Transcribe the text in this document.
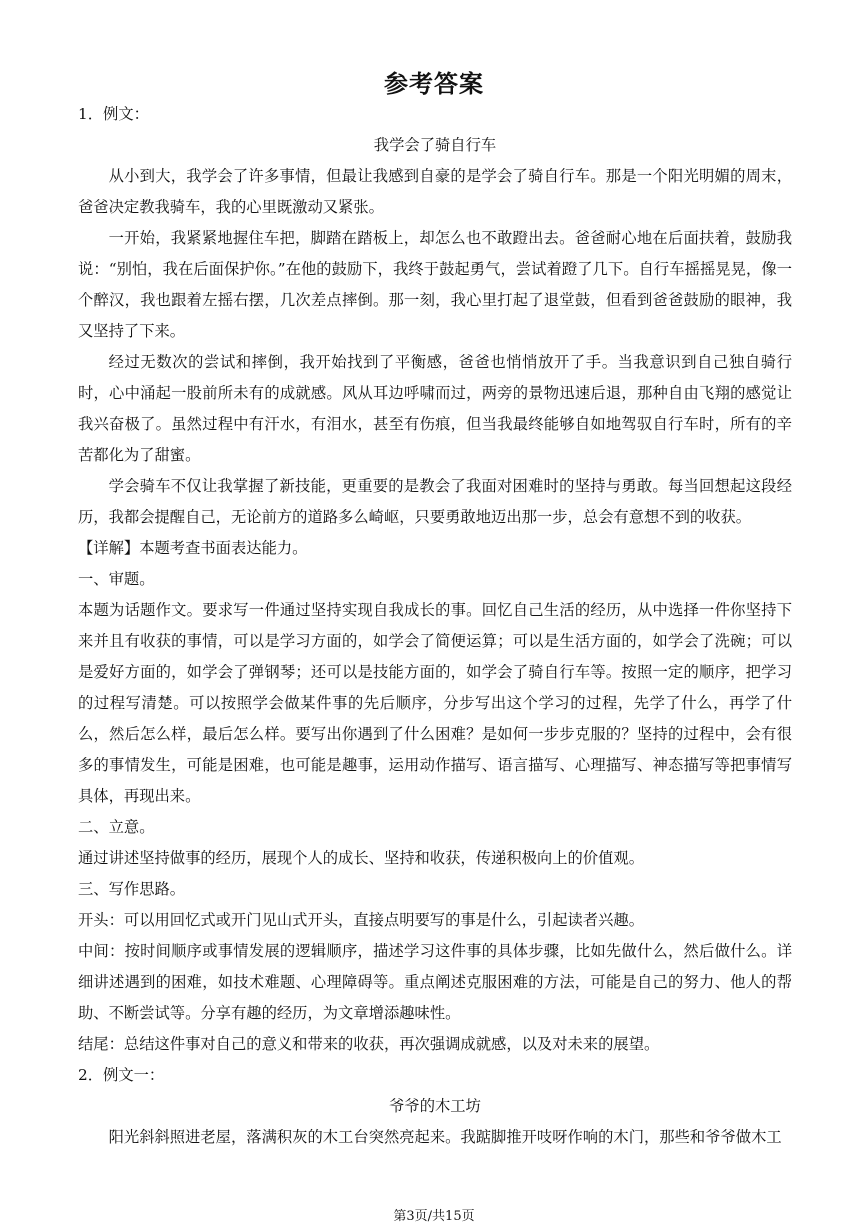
参考答案

1．例文：

我学会了骑自行车

从小到大，我学会了许多事情，但最让我感到自豪的是学会了骑自行车。那是一个阳光明媚的周末，爸爸决定教我骑车，我的心里既激动又紧张。

一开始，我紧紧地握住车把，脚踏在踏板上，却怎么也不敢蹬出去。爸爸耐心地在后面扶着，鼓励我说：“别怕，我在后面保护你。”在他的鼓励下，我终于鼓起勇气，尝试着蹬了几下。自行车摇摇晃晃，像一个醉汉，我也跟着左摇右摆，几次差点摔倒。那一刻，我心里打起了退堂鼓，但看到爸爸鼓励的眼神，我又坚持了下来。

经过无数次的尝试和摔倒，我开始找到了平衡感，爸爸也悄悄放开了手。当我意识到自己独自骑行时，心中涌起一股前所未有的成就感。风从耳边呼啸而过，两旁的景物迅速后退，那种自由飞翔的感觉让我兴奋极了。虽然过程中有汗水，有泪水，甚至有伤痕，但当我最终能够自如地驾驭自行车时，所有的辛苦都化为了甜蜜。

学会骑车不仅让我掌握了新技能，更重要的是教会了我面对困难时的坚持与勇敢。每当回想起这段经历，我都会提醒自己，无论前方的道路多么崎岖，只要勇敢地迈出那一步，总会有意想不到的收获。

【详解】本题考查书面表达能力。

一、审题。

本题为话题作文。要求写一件通过坚持实现自我成长的事。回忆自己生活的经历，从中选择一件你坚持下来并且有收获的事情，可以是学习方面的，如学会了简便运算；可以是生活方面的，如学会了洗碗；可以是爱好方面的，如学会了弹钢琴；还可以是技能方面的，如学会了骑自行车等。按照一定的顺序，把学习的过程写清楚。可以按照学会做某件事的先后顺序，分步写出这个学习的过程，先学了什么，再学了什么，然后怎么样，最后怎么样。要写出你遇到了什么困难？是如何一步步克服的？坚持的过程中，会有很多的事情发生，可能是困难，也可能是趣事，运用动作描写、语言描写、心理描写、神态描写等把事情写具体，再现出来。

二、立意。

通过讲述坚持做事的经历，展现个人的成长、坚持和收获，传递积极向上的价值观。

三、写作思路。

开头：可以用回忆式或开门见山式开头，直接点明要写的事是什么，引起读者兴趣。

中间：按时间顺序或事情发展的逻辑顺序，描述学习这件事的具体步骤，比如先做什么，然后做什么。详细讲述遇到的困难，如技术难题、心理障碍等。重点阐述克服困难的方法，可能是自己的努力、他人的帮助、不断尝试等。分享有趣的经历，为文章增添趣味性。

结尾：总结这件事对自己的意义和带来的收获，再次强调成就感，以及对未来的展望。

2．例文一：

爷爷的木工坊

阳光斜斜照进老屋，落满积灰的木工台突然亮起来。我踮脚推开吱呀作响的木门，那些和爷爷做木工

第3页/共15页
